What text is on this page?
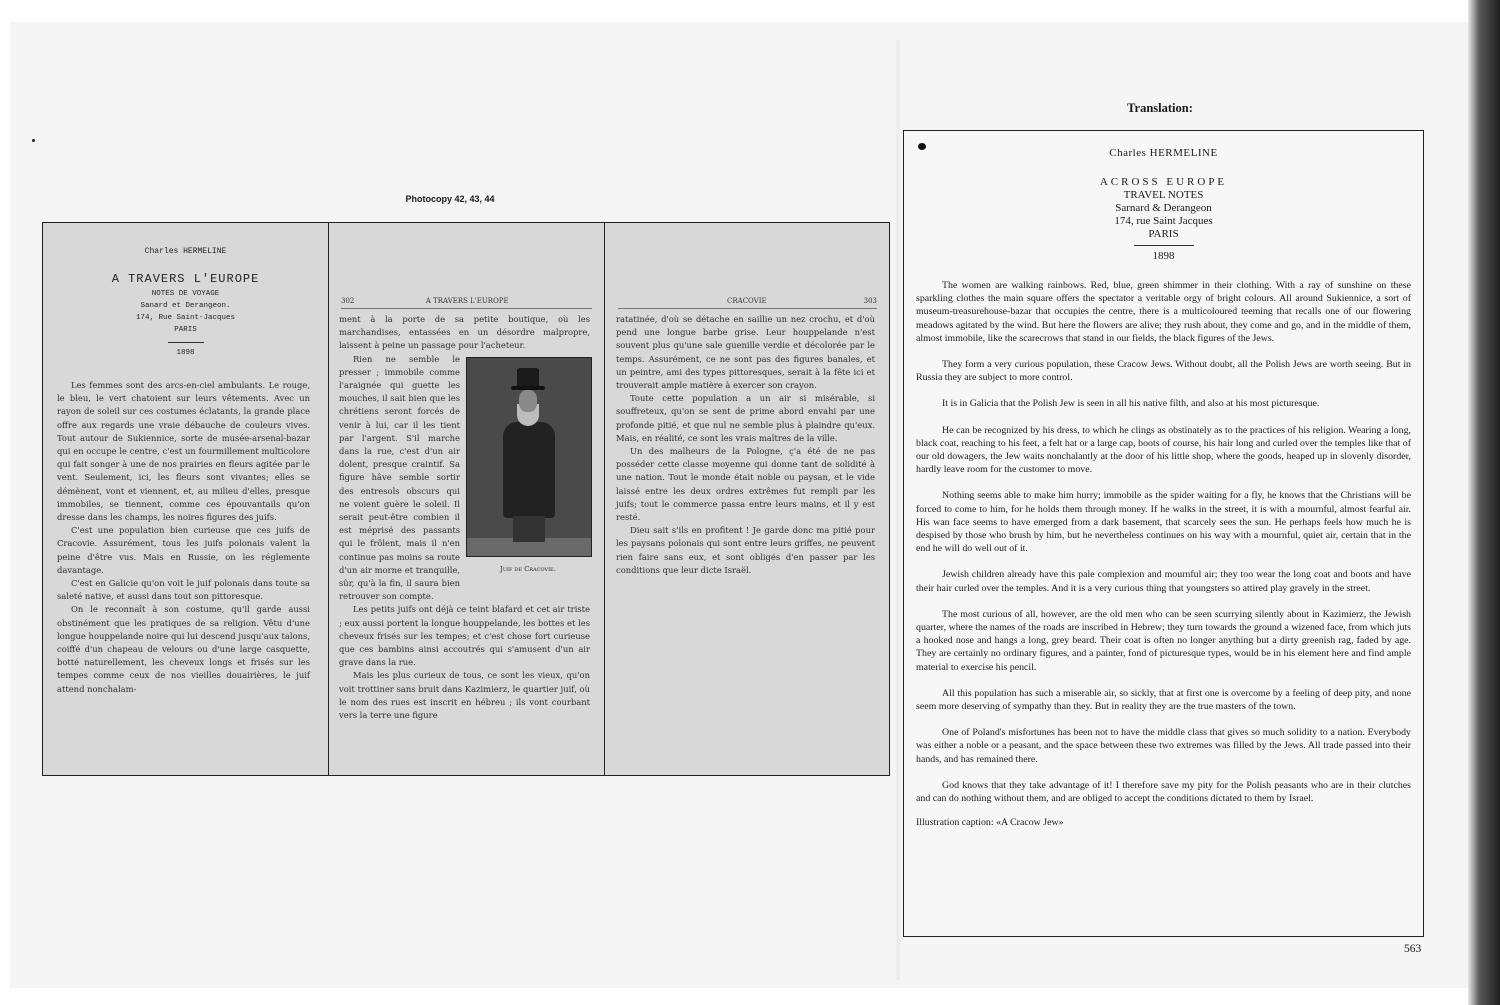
Photocopy 42, 43, 44
Charles HERMELINE
A TRAVERS L'EUROPE
NOTES DE VOYAGE
Sanard et Derangeon.
174, Rue Saint-Jacques
PARIS
1898

Les femmes sont des arcs-en-ciel ambulants. Le rouge, le bleu, le vert chatoient sur leurs vêtements. Avec un rayon de soleil sur ces costumes éclatants, la grande place offre aux regards une vraie débauche de couleurs vives. Tout autour de Sukiennice, sorte de musée-arsenal-bazar qui en occupe le centre, c'est un fourmillement multicolore qui fait songer à une de nos prairies en fleurs agitée par le vent. Seulement, ici, les fleurs sont vivantes; elles se démènent, vont et viennent, et, au milieu d'elles, presque immobiles, se tiennent, comme ces épouvantails qu'on dresse dans les champs, les noires figures des juifs.

C'est une population bien curieuse que ces juifs de Cracovie. Assurément, tous les juifs polonais valent la peine d'être vus. Mais en Russie, on les réglemente davantage.

C'est en Galicie qu'on voit le juif polonais dans toute sa saleté native, et aussi dans tout son pittoresque.

On le reconnaît à son costume, qu'il garde aussi obstinément que les pratiques de sa religion. Vêtu d'une longue houppelande noire qui lui descend jusqu'aux talons, coiffé d'un chapeau de velours ou d'une large casquette, botté naturellement, les cheveux longs et frisés sur les tempes comme ceux de nos vieilles douairières, le juif attend nonchalam-

302	A TRAVERS L'EUROPE

ment à la porte de sa petite boutique, où les marchandises, entassées en un désordre malpropre, laissent à peine un passage pour l'acheteur.

Juif de Cracovie.

Rien ne semble le presser ; immobile comme l'araignée qui guette les mouches, il sait bien que les chrétiens seront forcés de venir à lui, car il les tient par l'argent. S'il marche dans la rue, c'est d'un air dolent, presque craintif. Sa figure hâve semble sortir des entresols obscurs qui ne voient guère le soleil. Il serait peut-être combien il est méprisé des passants qui le frôlent, mais il n'en continue pas moins sa route d'un air morne et tranquille, sûr, qu'à la fin, il saura bien retrouver son compte.

Les petits juifs ont déjà ce teint blafard et cet air triste ; eux aussi portent la longue houppelande, les bottes et les cheveux frisés sur les tempes; et c'est chose fort curieuse que ces bambins ainsi accoutrés qui s'amusent d'un air grave dans la rue.

Mais les plus curieux de tous, ce sont les vieux, qu'on voit trottiner sans bruit dans Kazimierz, le quartier juif, où le nom des rues est inscrit en hébreu ; ils vont courbant vers la terre une figure

CRACOVIE	303

ratatinée, d'où se détache en saillie un nez crochu, et d'où pend une longue barbe grise. Leur houppelande n'est souvent plus qu'une sale guenille verdie et décolorée par le temps. Assurément, ce ne sont pas des figures banales, et un peintre, ami des types pittoresques, serait à la fête ici et trouverait ample matière à exercer son crayon.

Toute cette population a un air si misérable, si souffreteux, qu'on se sent de prime abord envahi par une profonde pitié, et que nul ne semble plus à plaindre qu'eux. Mais, en réalité, ce sont les vrais maîtres de la ville.

Un des malheurs de la Pologne, ç'a été de ne pas posséder cette classe moyenne qui donne tant de solidité à une nation. Tout le monde était noble ou paysan, et le vide laissé entre les deux ordres extrêmes fut rempli par les juifs; tout le commerce passa entre leurs mains, et il y est resté.

Dieu sait s'ils en profitent ! Je garde donc ma pitié pour les paysans polonais qui sont entre leurs griffes, ne peuvent rien faire sans eux, et sont obligés d'en passer par les conditions que leur dicte Israël.

Translation:
Charles HERMELINE
ACROSS EUROPE
TRAVEL NOTES
Sarnard & Derangeon
174, rue Saint Jacques
PARIS
1898

The women are walking rainbows. Red, blue, green shimmer in their clothing. With a ray of sunshine on these sparkling clothes the main square offers the spectator a veritable orgy of bright colours. All around Sukiennice, a sort of museum-treasurehouse-bazar that occupies the centre, there is a multicoloured teeming that recalls one of our flowering meadows agitated by the wind. But here the flowers are alive; they rush about, they come and go, and in the middle of them, almost immobile, like the scarecrows that stand in our fields, the black figures of the Jews.

They form a very curious population, these Cracow Jews. Without doubt, all the Polish Jews are worth seeing. But in Russia they are subject to more control.

It is in Galicia that the Polish Jew is seen in all his native filth, and also at his most picturesque.

He can be recognized by his dress, to which he clings as obstinately as to the practices of his religion. Wearing a long, black coat, reaching to his feet, a felt hat or a large cap, boots of course, his hair long and curled over the temples like that of our old dowagers, the Jew waits nonchalantly at the door of his little shop, where the goods, heaped up in slovenly disorder, hardly leave room for the customer to move.

Nothing seems able to make him hurry; immobile as the spider waiting for a fly, he knows that the Christians will be forced to come to him, for he holds them through money. If he walks in the street, it is with a mournful, almost fearful air. His wan face seems to have emerged from a dark basement, that scarcely sees the sun. He perhaps feels how much he is despised by those who brush by him, but he nevertheless continues on his way with a mournful, quiet air, certain that in the end he will do well out of it.

Jewish children already have this pale complexion and mournful air; they too wear the long coat and boots and have their hair curled over the temples. And it is a very curious thing that youngsters so attired play gravely in the street.

The most curious of all, however, are the old men who can be seen scurrying silently about in Kazimierz, the Jewish quarter, where the names of the roads are inscribed in Hebrew; they turn towards the ground a wizened face, from which juts a hooked nose and hangs a long, grey beard. Their coat is often no longer anything but a dirty greenish rag, faded by age. They are certainly no ordinary figures, and a painter, fond of picturesque types, would be in his element here and find ample material to exercise his pencil.

All this population has such a miserable air, so sickly, that at first one is overcome by a feeling of deep pity, and none seem more deserving of sympathy than they. But in reality they are the true masters of the town.

One of Poland's misfortunes has been not to have the middle class that gives so much solidity to a nation. Everybody was either a noble or a peasant, and the space between these two extremes was filled by the Jews. All trade passed into their hands, and has remained there.

God knows that they take advantage of it! I therefore save my pity for the Polish peasants who are in their clutches and can do nothing without them, and are obliged to accept the conditions dictated to them by Israel.

Illustration caption: «A Cracow Jew»

563
